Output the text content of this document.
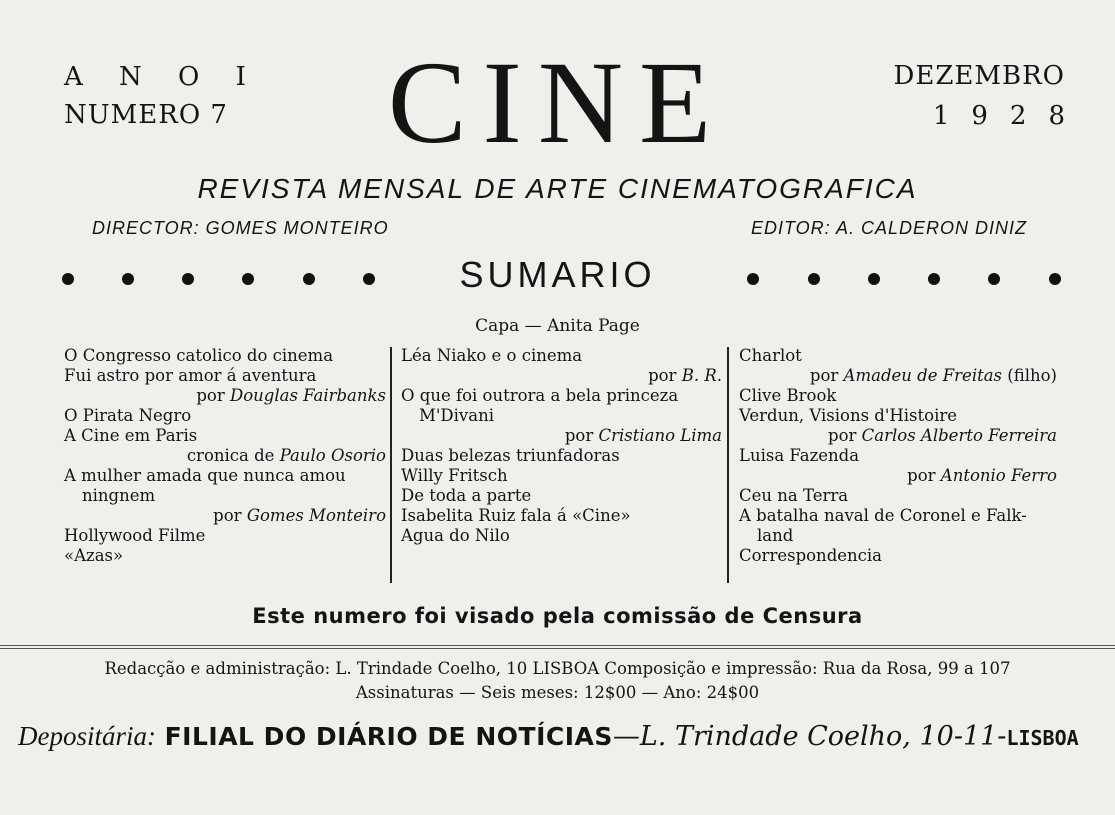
A N O I
NUMERO 7	CINE	DEZEMBRO
1928
REVISTA MENSAL DE ARTE CINEMATOGRAFICA
DIRECTOR: GOMES MONTEIRO	EDITOR: A. CALDERON DINIZ
SUMARIO
Capa — Anita Page
O Congresso catolico do cinema
Fui astro por amor á aventura
por Douglas Fairbanks
O Pirata Negro
A Cine em Paris
cronica de Paulo Osorio
A mulher amada que nunca amou
ningnem
por Gomes Monteiro
Hollywood Filme
«Azas»
Léa Niako e o cinema
por B. R.
O que foi outrora a bela princeza
M'Divani
por Cristiano Lima
Duas belezas triunfadoras
Willy Fritsch
De toda a parte
Isabelita Ruiz fala á «Cine»
Agua do Nilo
Charlot
por Amadeu de Freitas (filho)
Clive Brook
Verdun, Visions d'Histoire
por Carlos Alberto Ferreira
Luisa Fazenda
por Antonio Ferro
Ceu na Terra
A batalha naval de Coronel e Falk-
land
Correspondencia
Este numero foi visado pela comissão de Censura
Redacção e administração: L. Trindade Coelho, 10 LISBOA Composição e impressão: Rua da Rosa, 99 a 107
Assinaturas — Seis meses: 12$00 — Ano: 24$00
Depositária: FILIAL DO DIÁRIO DE NOTÍCIAS—L. Trindade Coelho, 10-11-LISBOA
